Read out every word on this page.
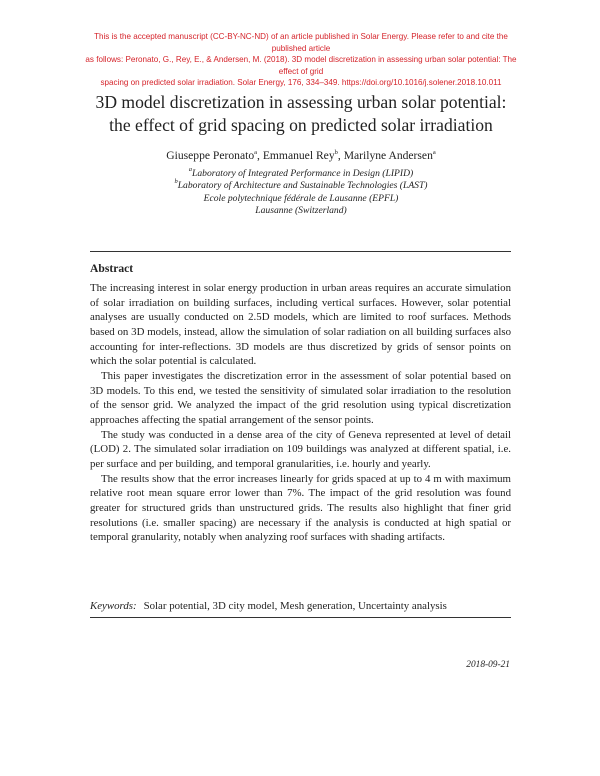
This is the accepted manuscript (CC-BY-NC-ND) of an article published in Solar Energy. Please refer to and cite the published article
as follows: Peronato, G., Rey, E., & Andersen, M. (2018). 3D model discretization in assessing urban solar potential: The effect of grid
spacing on predicted solar irradiation. Solar Energy, 176, 334–349. https://doi.org/10.1016/j.solener.2018.10.011
3D model discretization in assessing urban solar potential:
the effect of grid spacing on predicted solar irradiation
Giuseppe Peronato$^a$, Emmanuel Rey$^b$, Marilyne Andersen$^a$
$^a$Laboratory of Integrated Performance in Design (LIPID)
$^b$Laboratory of Architecture and Sustainable Technologies (LAST)
Ecole polytechnique fédérale de Lausanne (EPFL)
Lausanne (Switzerland)
Abstract

The increasing interest in solar energy production in urban areas requires an accurate simulation of solar irradiation on building surfaces, including vertical surfaces. However, solar potential analyses are usually conducted on 2.5D models, which are limited to roof surfaces. Methods based on 3D models, instead, allow the simulation of solar radiation on all building surfaces also accounting for inter-reflections. 3D models are thus discretized by grids of sensor points on which the solar potential is calculated.

This paper investigates the discretization error in the assessment of solar potential based on 3D models. To this end, we tested the sensitivity of simulated solar irradiation to the resolution of the sensor grid. We analyzed the impact of the grid resolution using typical discretization approaches affecting the spatial arrangement of the sensor points.

The study was conducted in a dense area of the city of Geneva represented at level of detail (LOD) 2. The simulated solar irradiation on 109 buildings was analyzed at different spatial, i.e. per surface and per building, and temporal granularities, i.e. hourly and yearly.

The results show that the error increases linearly for grids spaced at up to 4 m with maximum relative root mean square error lower than 7%. The impact of the grid resolution was found greater for structured grids than unstructured grids. The results also highlight that finer grid resolutions (i.e. smaller spacing) are necessary if the analysis is conducted at high spatial or temporal granularity, notably when analyzing roof surfaces with shading artifacts.

Keywords: Solar potential, 3D city model, Mesh generation, Uncertainty analysis
2018-09-21
